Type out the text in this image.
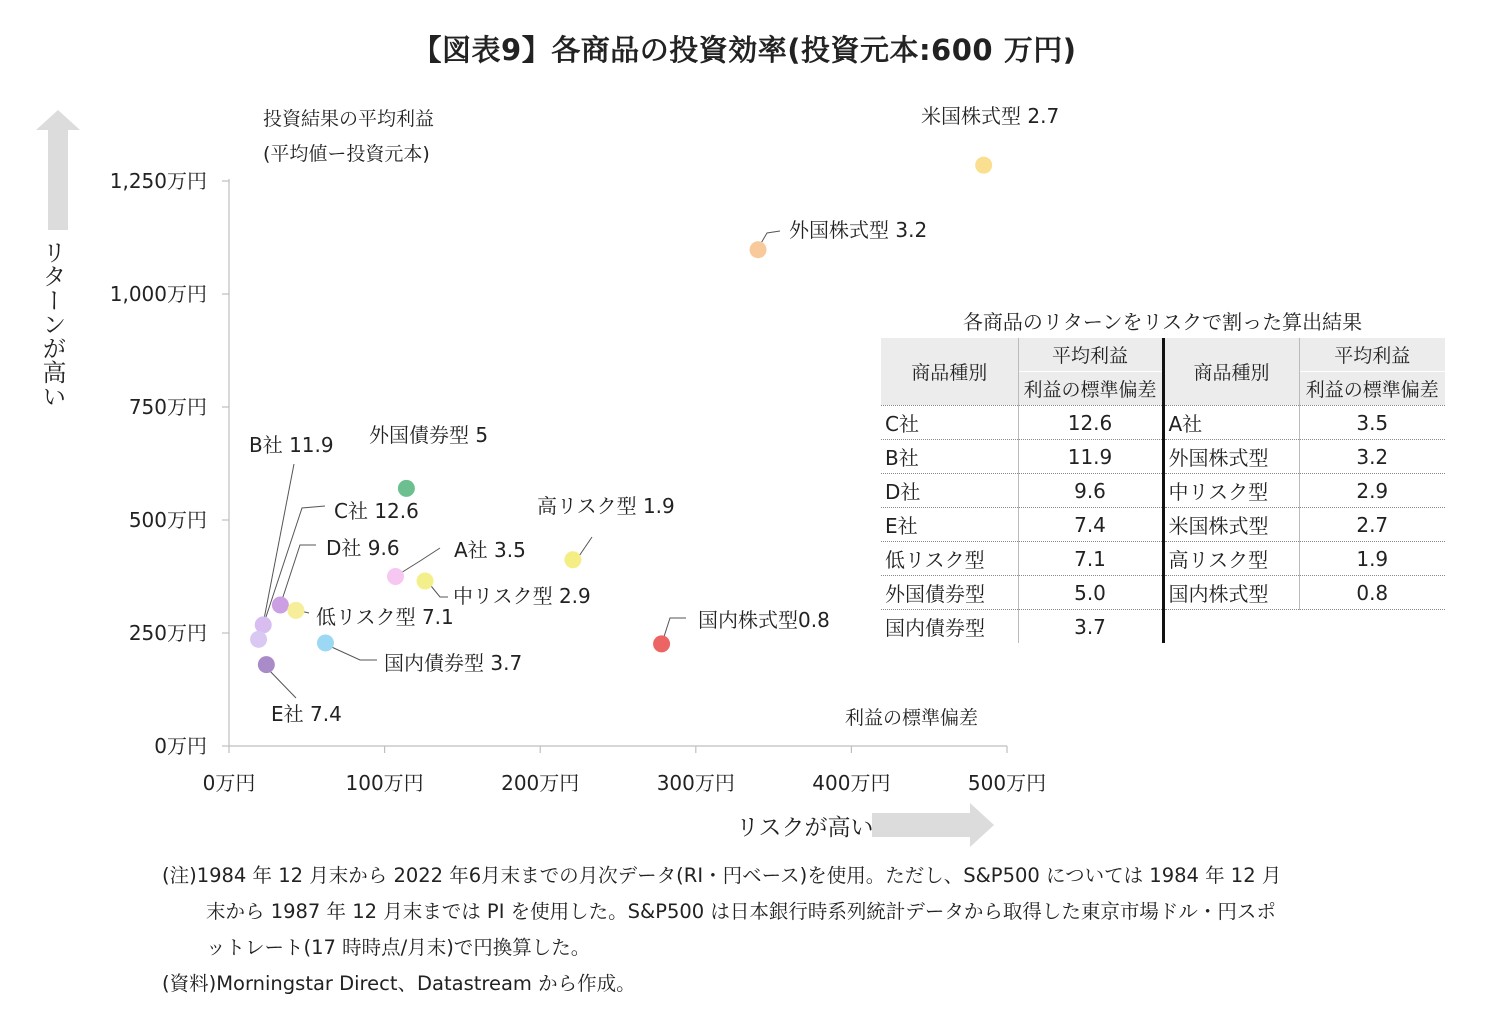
【図表9】各商品の投資効率(投資元本:600 万円)
0万円
250万円
500万円
750万円
1,000万円
1,250万円
0万円	100万円	200万円	300万円	400万円	500万円
米国株式型 2.7
外国株式型 3.2
外国債券型 5
高リスク型 1.9
A社 3.5
中リスク型 2.9
D社 9.6
低リスク型 7.1
C社 12.6
B社 11.9
国内債券型 3.7
国内株式型0.8
E社 7.4
投資結果の平均利益
(平均値ー投資元本)
利益の標準偏差
リスクが高い
リターンが高い	各商品のリターンをリスクで割った算出結果
商品種別	平均利益	商品種別	平均利益
	利益の標準偏差		利益の標準偏差
C社	12.6	A社	3.5
B社	11.9	外国株式型	3.2
D社	9.6	中リスク型	2.9
E社	7.4	米国株式型	2.7
低リスク型	7.1	高リスク型	1.9
外国債券型	5.0	国内株式型	0.8
国内債券型	3.7		
(注)1984 年 12 月末から 2022 年6月末までの月次データ(RI・円ベース)を使用。ただし、S&P500 については 1984 年 12 月
末から 1987 年 12 月末までは PI を使用した。S&P500 は日本銀行時系列統計データから取得した東京市場ドル・円スポ
ットレート(17 時時点/月末)で円換算した。
(資料)Morningstar Direct、Datastream から作成。
